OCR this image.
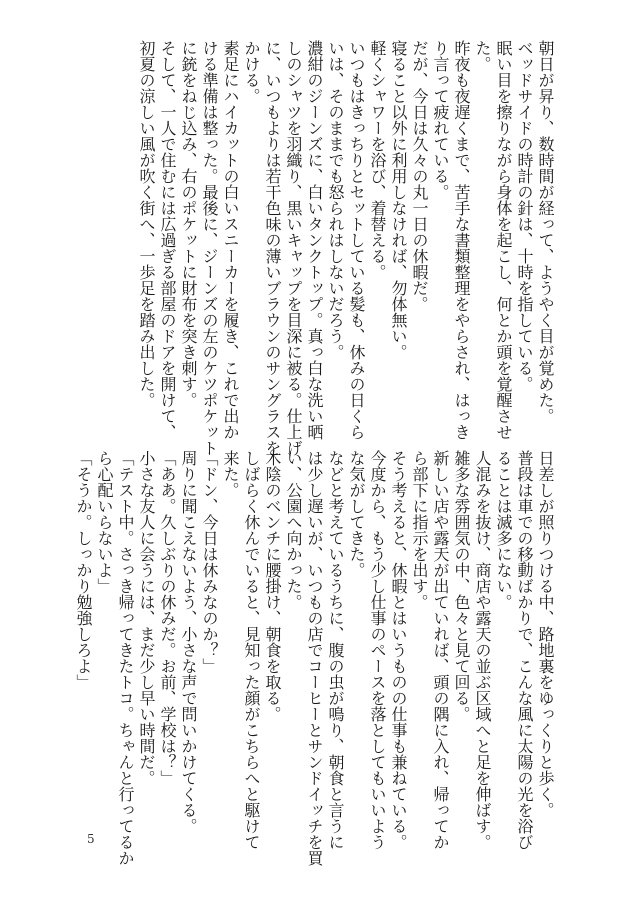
朝日が昇り、数時間が経って、ようやく目が覚めた。
ベッドサイドの時計の針は、十時を指している。
眠い目を擦りながら身体を起こし、何とか頭を覚醒させ
た。
昨夜も夜遅くまで、苦手な書類整理をやらされ、はっき
り言って疲れている。
だが、今日は久々の丸一日の休暇だ。
寝ること以外に利用しなければ、勿体無い。
軽くシャワーを浴び、着替える。
いつもはきっちりとセットしている髪も、休みの日くら
いは、そのままでも怒られはしないだろう。
濃紺のジーンズに、白いタンクトップ。真っ白な洗い晒
しのシャツを羽織り、黒いキャップを目深に被る。仕上げ
に、いつもよりは若干色味の薄いブラウンのサングラスを
かける。
素足にハイカットの白いスニーカーを履き、これで出か
ける準備は整った。最後に、ジーンズの左のケツポケット
に銃をねじ込み、右のポケットに財布を突き刺す。
そして、一人で住むには広過ぎる部屋のドアを開けて、
初夏の涼しい風が吹く街へ、一歩足を踏み出した。
日差しが照りつける中、路地裏をゆっくりと歩く。
普段は車での移動ばかりで、こんな風に太陽の光を浴び
ることは滅多にない。
人混みを抜け、商店や露天の並ぶ区域へと足を伸ばす。
雑多な雰囲気の中、色々と見て回る。
新しい店や露天が出ていれば、頭の隅に入れ、帰ってか
ら部下に指示を出す。
そう考えると、休暇とはいうものの仕事も兼ねている。
今度から、もう少し仕事のペースを落としてもいいよう
な気がしてきた。
などと考えているうちに、腹の虫が鳴り、朝食と言うに
は少し遅いが、いつもの店でコーヒーとサンドイッチを買
い、公園へ向かった。
木陰のベンチに腰掛け、朝食を取る。
しばらく休んでいると、見知った顔がこちらへと駆けて
来た。
「ドン、今日は休みなのか？」
周りに聞こえないよう、小さな声で問いかけてくる。
「ああ。久しぶりの休みだ。お前、学校は？」
小さな友人に会うには、まだ少し早い時間だ。
「テスト中。さっき帰ってきたトコ。ちゃんと行ってるか
ら心配いらないよ」
「そうか。しっかり勉強しろよ」
5
